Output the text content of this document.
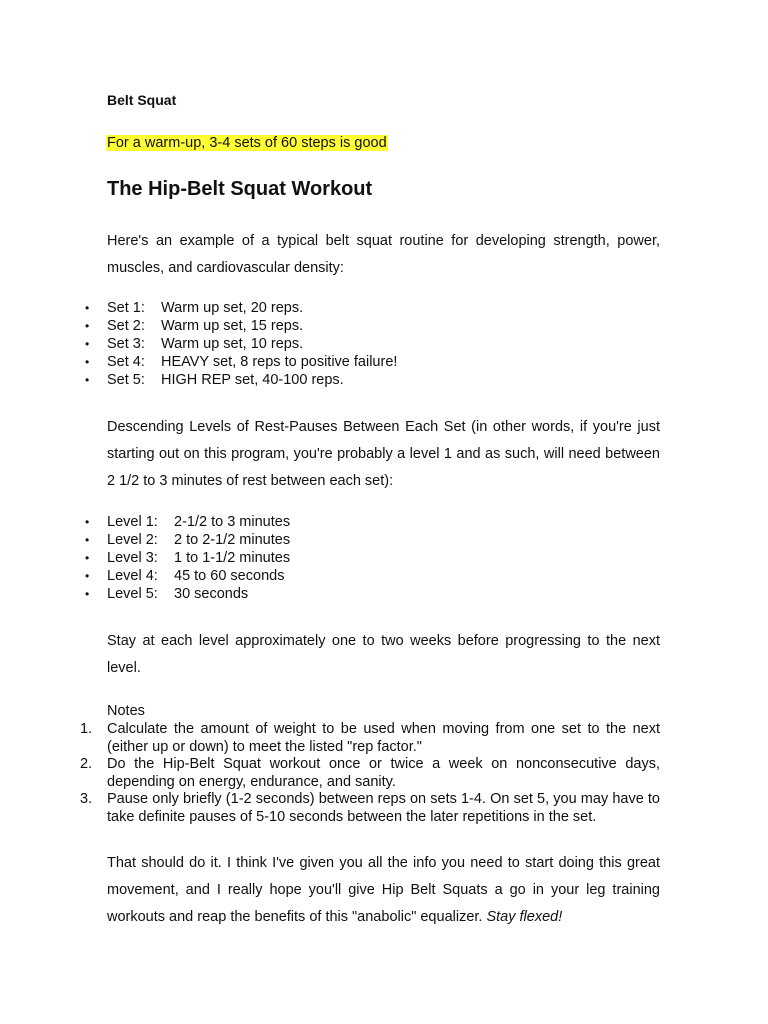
Belt Squat
For a warm-up, 3-4 sets of 60 steps is good
The Hip-Belt Squat Workout
Here's an example of a typical belt squat routine for developing strength, power, muscles, and cardiovascular density:
• Set 1: Warm up set, 20 reps.
• Set 2: Warm up set, 15 reps.
• Set 3: Warm up set, 10 reps.
• Set 4: HEAVY set, 8 reps to positive failure!
• Set 5: HIGH REP set, 40-100 reps.
Descending Levels of Rest-Pauses Between Each Set (in other words, if you're just starting out on this program, you're probably a level 1 and as such, will need between 2 1/2 to 3 minutes of rest between each set):
• Level 1: 2-1/2 to 3 minutes
• Level 2: 2 to 2-1/2 minutes
• Level 3: 1 to 1-1/2 minutes
• Level 4: 45 to 60 seconds
• Level 5: 30 seconds
Stay at each level approximately one to two weeks before progressing to the next level.
Notes
1. Calculate the amount of weight to be used when moving from one set to the next (either up or down) to meet the listed "rep factor."
2. Do the Hip-Belt Squat workout once or twice a week on nonconsecutive days, depending on energy, endurance, and sanity.
3. Pause only briefly (1-2 seconds) between reps on sets 1-4. On set 5, you may have to take definite pauses of 5-10 seconds between the later repetitions in the set.
That should do it. I think I've given you all the info you need to start doing this great movement, and I really hope you'll give Hip Belt Squats a go in your leg training workouts and reap the benefits of this "anabolic" equalizer. Stay flexed!
